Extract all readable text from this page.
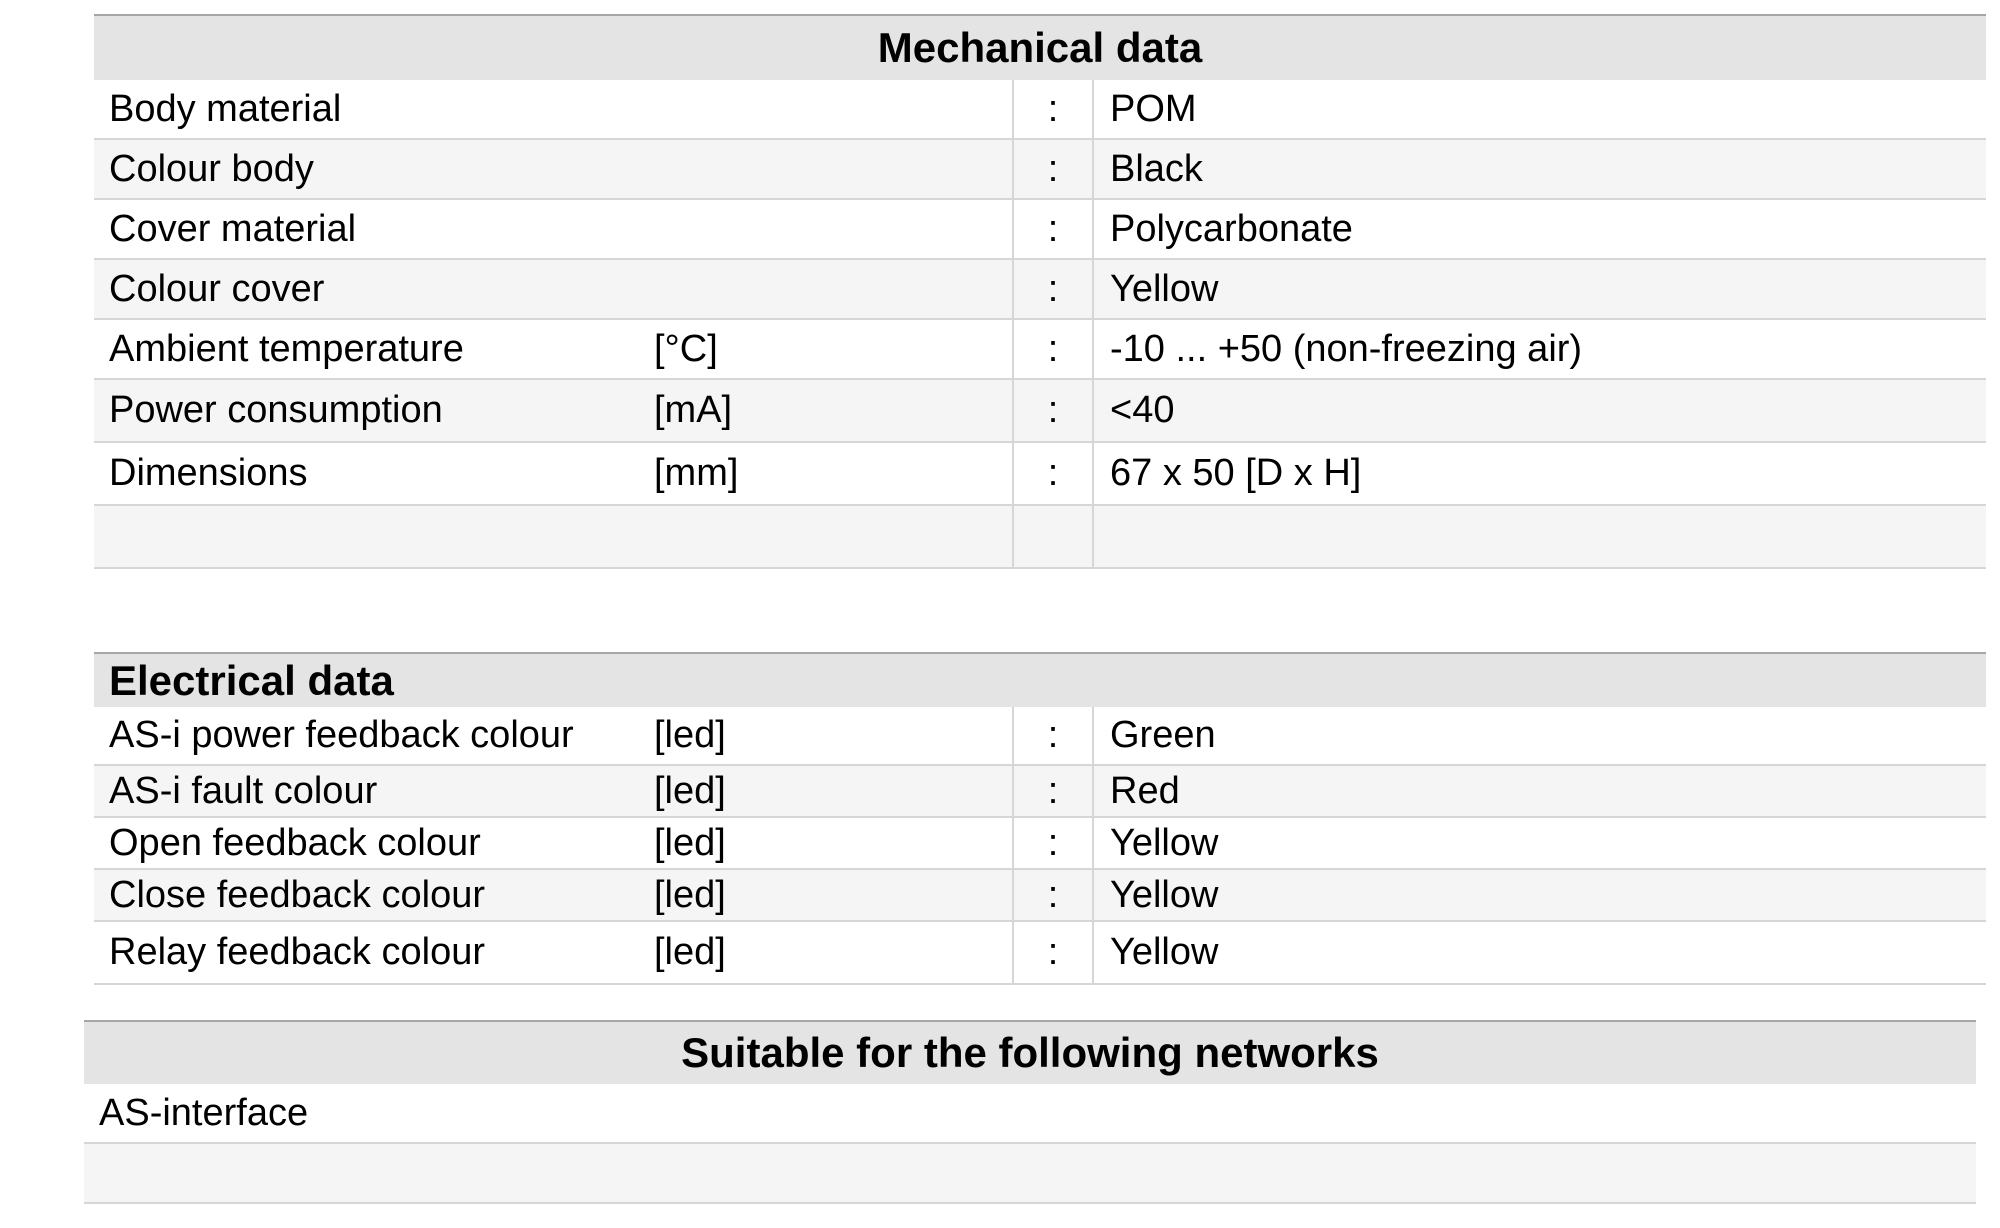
Mechanical data
Body material	:	POM
Colour body	:	Black
Cover material	:	Polycarbonate
Colour cover	:	Yellow
Ambient temperature	[°C]	:	-10 ... +50 (non-freezing air)
Power consumption	[mA]	:	<40
Dimensions	[mm]	:	67 x 50 [D x H]
Electrical data
AS-i power feedback colour [led]	:	Green
AS-i fault colour	[led]	:	Red
Open feedback colour	[led]	:	Yellow
Close feedback colour	[led]	:	Yellow
Relay feedback colour	[led]	:	Yellow
Suitable for the following networks
AS-interface
